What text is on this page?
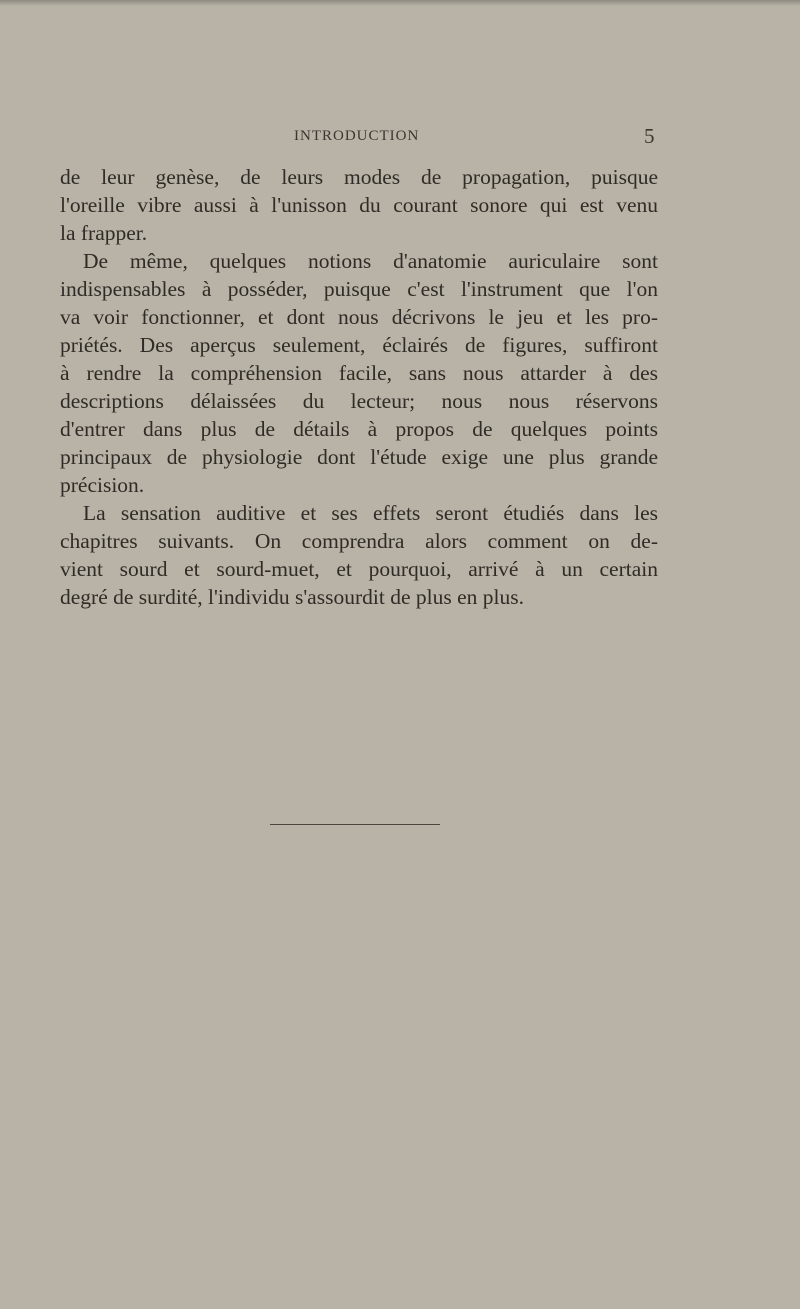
INTRODUCTION	5
de leur genèse, de leurs modes de propagation, puisque
l'oreille vibre aussi à l'unisson du courant sonore qui est venu
la frapper.
De même, quelques notions d'anatomie auriculaire sont
indispensables à posséder, puisque c'est l'instrument que l'on
va voir fonctionner, et dont nous décrivons le jeu et les pro-
priétés. Des aperçus seulement, éclairés de figures, suffiront
à rendre la compréhension facile, sans nous attarder à des
descriptions délaissées du lecteur; nous nous réservons
d'entrer dans plus de détails à propos de quelques points
principaux de physiologie dont l'étude exige une plus grande
précision.
La sensation auditive et ses effets seront étudiés dans les
chapitres suivants. On comprendra alors comment on de-
vient sourd et sourd-muet, et pourquoi, arrivé à un certain
degré de surdité, l'individu s'assourdit de plus en plus.
